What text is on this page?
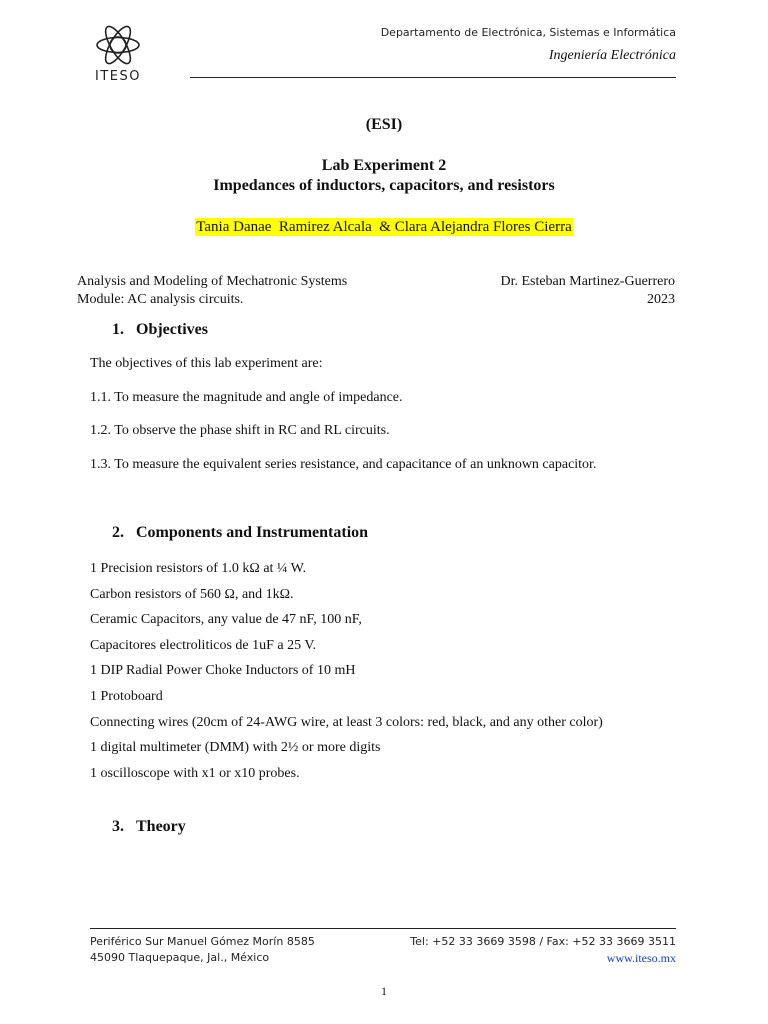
ITESO
Departamento de Electrónica, Sistemas e Informática
Ingeniería Electrónica
(ESI)
Lab Experiment 2
Impedances of inductors, capacitors, and resistors
Tania Danae  Ramirez Alcala  & Clara Alejandra Flores Cierra
Analysis and Modeling of Mechatronic Systems
Module: AC analysis circuits.
Dr. Esteban Martinez-Guerrero
2023
1. Objectives
The objectives of this lab experiment are:
1.1. To measure the magnitude and angle of impedance.
1.2. To observe the phase shift in RC and RL circuits.
1.3. To measure the equivalent series resistance, and capacitance of an unknown capacitor.
2. Components and Instrumentation
1 Precision resistors of 1.0 kΩ at ¼ W.
Carbon resistors of 560 Ω, and 1kΩ.
Ceramic Capacitors, any value de 47 nF, 100 nF,
Capacitores electroliticos de 1uF a 25 V.
1 DIP Radial Power Choke Inductors of 10 mH
1 Protoboard
Connecting wires (20cm of 24-AWG wire, at least 3 colors: red, black, and any other color)
1 digital multimeter (DMM) with 2½ or more digits
1 oscilloscope with x1 or x10 probes.
3. Theory
Periférico Sur Manuel Gómez Morín 8585
45090 Tlaquepaque, Jal., México
Tel: +52 33 3669 3598 / Fax: +52 33 3669 3511
www.iteso.mx
1
